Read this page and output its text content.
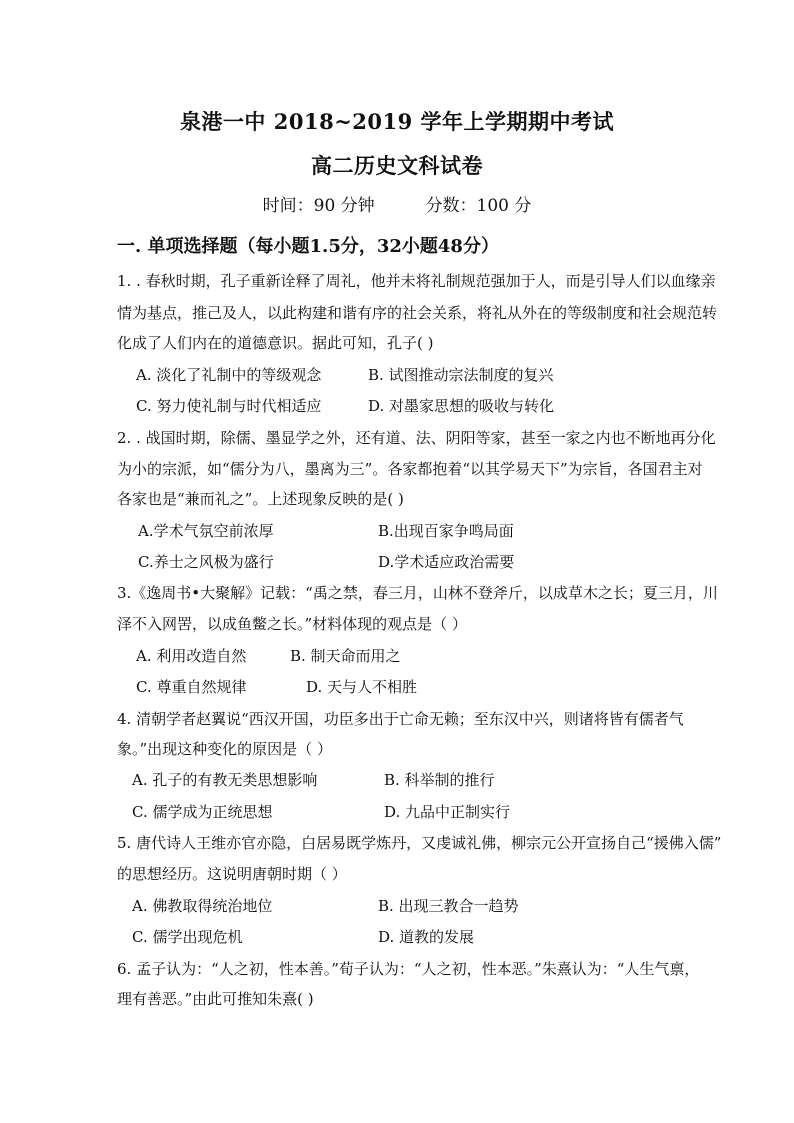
泉港一中 2018~2019 学年上学期期中考试
高二历史文科试卷
时间：90 分钟	分数：100 分
一. 单项选择题（每小题1.5分，32小题48分）
1. . 春秋时期，孔子重新诠释了周礼，他并未将礼制规范强加于人，而是引导人们以血缘亲
情为基点，推己及人，以此构建和谐有序的社会关系，将礼从外在的等级制度和社会规范转
化成了人们内在的道德意识。据此可知，孔子( )
A. 淡化了礼制中的等级观念	B. 试图推动宗法制度的复兴
C. 努力使礼制与时代相适应	D. 对墨家思想的吸收与转化
2. . 战国时期，除儒、墨显学之外，还有道、法、阴阳等家，甚至一家之内也不断地再分化
为小的宗派，如“儒分为八，墨离为三”。各家都抱着“以其学易天下”为宗旨，各国君主对
各家也是“兼而礼之”。上述现象反映的是( )
A.学术气氛空前浓厚	B.出现百家争鸣局面
C.养士之风极为盛行	D.学术适应政治需要
3.《逸周书•大聚解》记载：“禹之禁，春三月，山林不登斧斤，以成草木之长；夏三月，川
泽不入网罟，以成鱼鳖之长。”材料体现的观点是（ ）
A. 利用改造自然	B. 制天命而用之
C. 尊重自然规律	D. 天与人不相胜
4. 清朝学者赵翼说“西汉开国，功臣多出于亡命无赖；至东汉中兴，则诸将皆有儒者气
象。”出现这种变化的原因是（ ）
A. 孔子的有教无类思想影响	B. 科举制的推行
C. 儒学成为正统思想	D. 九品中正制实行
5. 唐代诗人王维亦官亦隐，白居易既学炼丹，又虔诚礼佛，柳宗元公开宣扬自己“援佛入儒”
的思想经历。这说明唐朝时期（ ）
A. 佛教取得统治地位	B. 出现三教合一趋势
C. 儒学出现危机	D. 道教的发展
6. 孟子认为：“人之初，性本善。”荀子认为：“人之初，性本恶。”朱熹认为：“人生气禀，
理有善恶。”由此可推知朱熹( )
